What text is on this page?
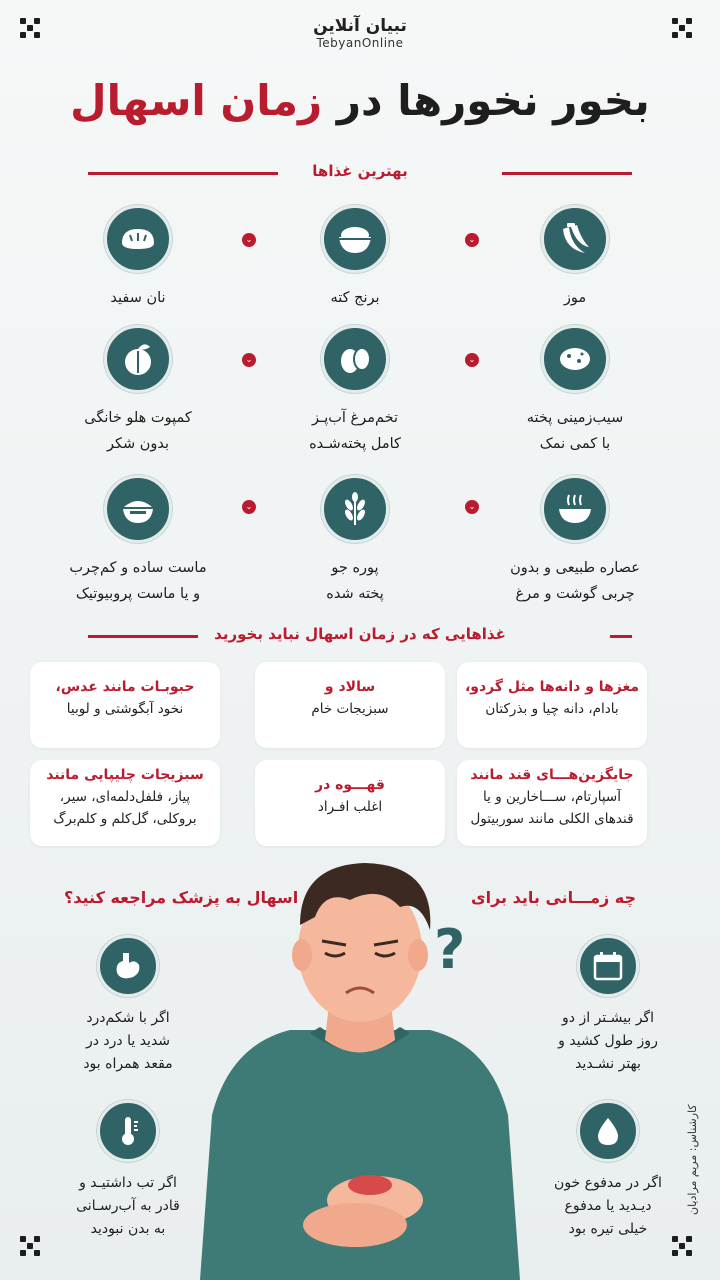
تبیان آنلاین
TebyanOnline
بخور نخورها در زمان اسهال
بهترین غذاها
موز
برنج کته
نان سفید
سیب‌زمینی پخته
با کمی نمک
تخم‌مرغ آب‌پـز
کامل پخته‌شـده
کمپوت هلو خانگی
بدون شکر
عصاره طبیعی و بدون
چربی گوشت و مرغ
پوره جو
پخته شده
ماست ساده و کم‌چرب
و یا ماست پروبیوتیک
⌄
⌄
⌄
⌄
⌄
⌄
غذاهایی که در زمان اسهال نباید بخورید
مغزها و دانه‌ها مثل گردو،
بادام، دانه چیا و بذرکتان
سالاد و
سبزیجات خام
حبوبـات مانند عدس،
نخود آبگوشتی و لوبیا
جایگزین‌هـــای قند مانند
آسپارتام، ســـاخارین و یا
قندهای الکلی مانند سوربیتول
قهـــوه در
اغلب افـراد
سبزیجات چلیپایی مانند
پیاز، فلفل‌دلمه‌ای، سیر،
بروکلی، گل‌کلم و کلم‌برگ
?
چه زمـــانی باید برای
اسهال به پزشک مراجعه کنید؟
اگر بیشـتر از دو
روز طول کشید و
بهتر نشـدید
اگر با شکم‌درد
شدید یا درد در
مقعد همراه بود
اگر در مدفوع خون
دیـدید یا مدفوع
خیلی تیره بود
اگر تب داشتیـد و
قادر به آب‌رسـانی
به بدن نبودید
کارشناس: مریم مرادیان
